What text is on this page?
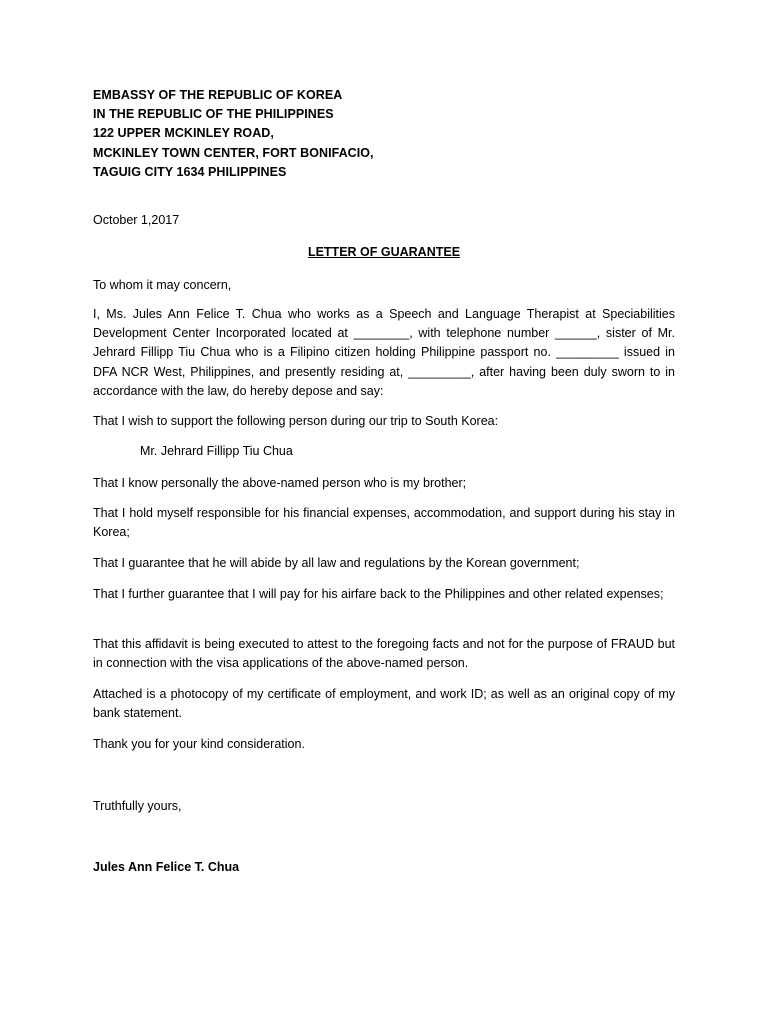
EMBASSY OF THE REPUBLIC OF KOREA
IN THE REPUBLIC OF THE PHILIPPINES
122 UPPER MCKINLEY ROAD,
MCKINLEY TOWN CENTER, FORT BONIFACIO,
TAGUIG CITY 1634 PHILIPPINES
October 1,2017
LETTER OF GUARANTEE
To whom it may concern,
I, Ms. Jules Ann Felice T. Chua who works as a Speech and Language Therapist at Speciabilities Development Center Incorporated located at ________, with telephone number ______, sister of Mr. Jehrard Fillipp Tiu Chua who is a Filipino citizen holding Philippine passport no. _________ issued in DFA NCR West, Philippines, and presently residing at, _________, after having been duly sworn to in accordance with the law, do hereby depose and say:
That I wish to support the following person during our trip to South Korea:
Mr. Jehrard Fillipp Tiu Chua
That I know personally the above-named person who is my brother;
That I hold myself responsible for his financial expenses, accommodation, and support during his stay in Korea;
That I guarantee that he will abide by all law and regulations by the Korean government;
That I further guarantee that I will pay for his airfare back to the Philippines and other related expenses;
That this affidavit is being executed to attest to the foregoing facts and not for the purpose of FRAUD but in connection with the visa applications of the above-named person.
Attached is a photocopy of my certificate of employment, and work ID; as well as an original copy of my bank statement.
Thank you for your kind consideration.
Truthfully yours,
Jules Ann Felice T. Chua
